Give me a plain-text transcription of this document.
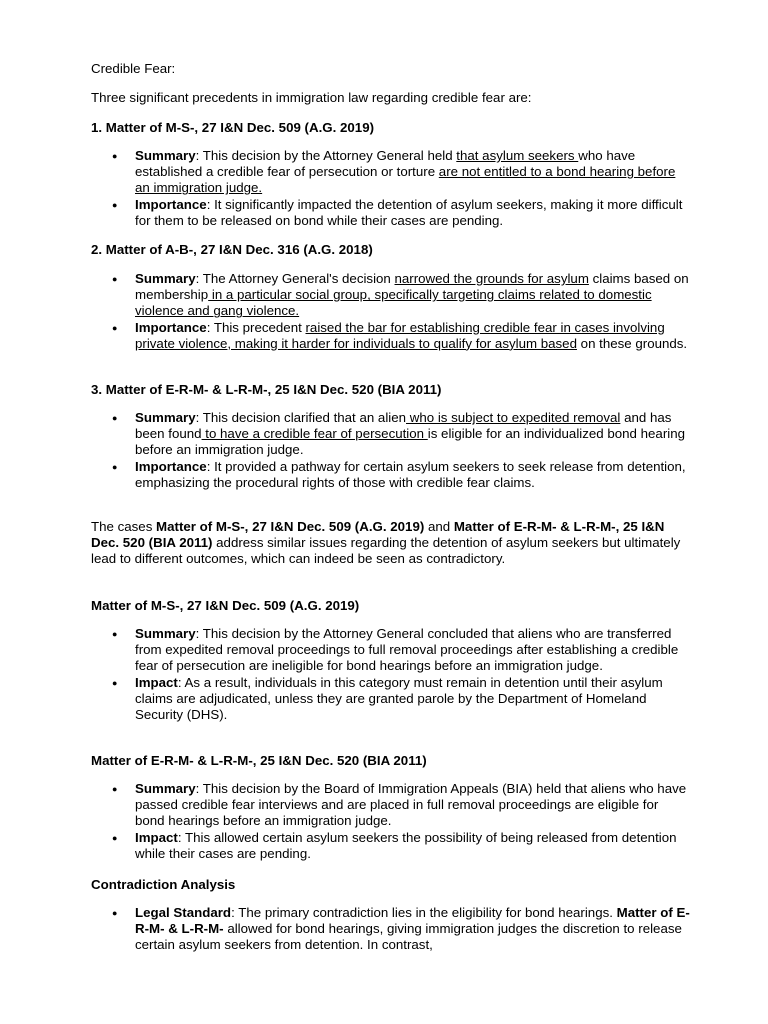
Credible Fear:

Three significant precedents in immigration law regarding credible fear are:

1. Matter of M-S-, 27 I&N Dec. 509 (A.G. 2019)

● Summary: This decision by the Attorney General held that asylum seekers who have established a credible fear of persecution or torture are not entitled to a bond hearing before an immigration judge.
● Importance: It significantly impacted the detention of asylum seekers, making it more difficult for them to be released on bond while their cases are pending.

2. Matter of A-B-, 27 I&N Dec. 316 (A.G. 2018)

● Summary: The Attorney General's decision narrowed the grounds for asylum claims based on membership in a particular social group, specifically targeting claims related to domestic violence and gang violence.
● Importance: This precedent raised the bar for establishing credible fear in cases involving private violence, making it harder for individuals to qualify for asylum based on these grounds.

3. Matter of E-R-M- & L-R-M-, 25 I&N Dec. 520 (BIA 2011)

● Summary: This decision clarified that an alien who is subject to expedited removal and has been found to have a credible fear of persecution is eligible for an individualized bond hearing before an immigration judge.
● Importance: It provided a pathway for certain asylum seekers to seek release from detention, emphasizing the procedural rights of those with credible fear claims.

The cases Matter of M-S-, 27 I&N Dec. 509 (A.G. 2019) and Matter of E-R-M- & L-R-M-, 25 I&N Dec. 520 (BIA 2011) address similar issues regarding the detention of asylum seekers but ultimately lead to different outcomes, which can indeed be seen as contradictory.

Matter of M-S-, 27 I&N Dec. 509 (A.G. 2019)

● Summary: This decision by the Attorney General concluded that aliens who are transferred from expedited removal proceedings to full removal proceedings after establishing a credible fear of persecution are ineligible for bond hearings before an immigration judge.
● Impact: As a result, individuals in this category must remain in detention until their asylum claims are adjudicated, unless they are granted parole by the Department of Homeland Security (DHS).

Matter of E-R-M- & L-R-M-, 25 I&N Dec. 520 (BIA 2011)

● Summary: This decision by the Board of Immigration Appeals (BIA) held that aliens who have passed credible fear interviews and are placed in full removal proceedings are eligible for bond hearings before an immigration judge.
● Impact: This allowed certain asylum seekers the possibility of being released from detention while their cases are pending.

Contradiction Analysis

● Legal Standard: The primary contradiction lies in the eligibility for bond hearings. Matter of E-R-M- & L-R-M- allowed for bond hearings, giving immigration judges the discretion to release certain asylum seekers from detention. In contrast,
